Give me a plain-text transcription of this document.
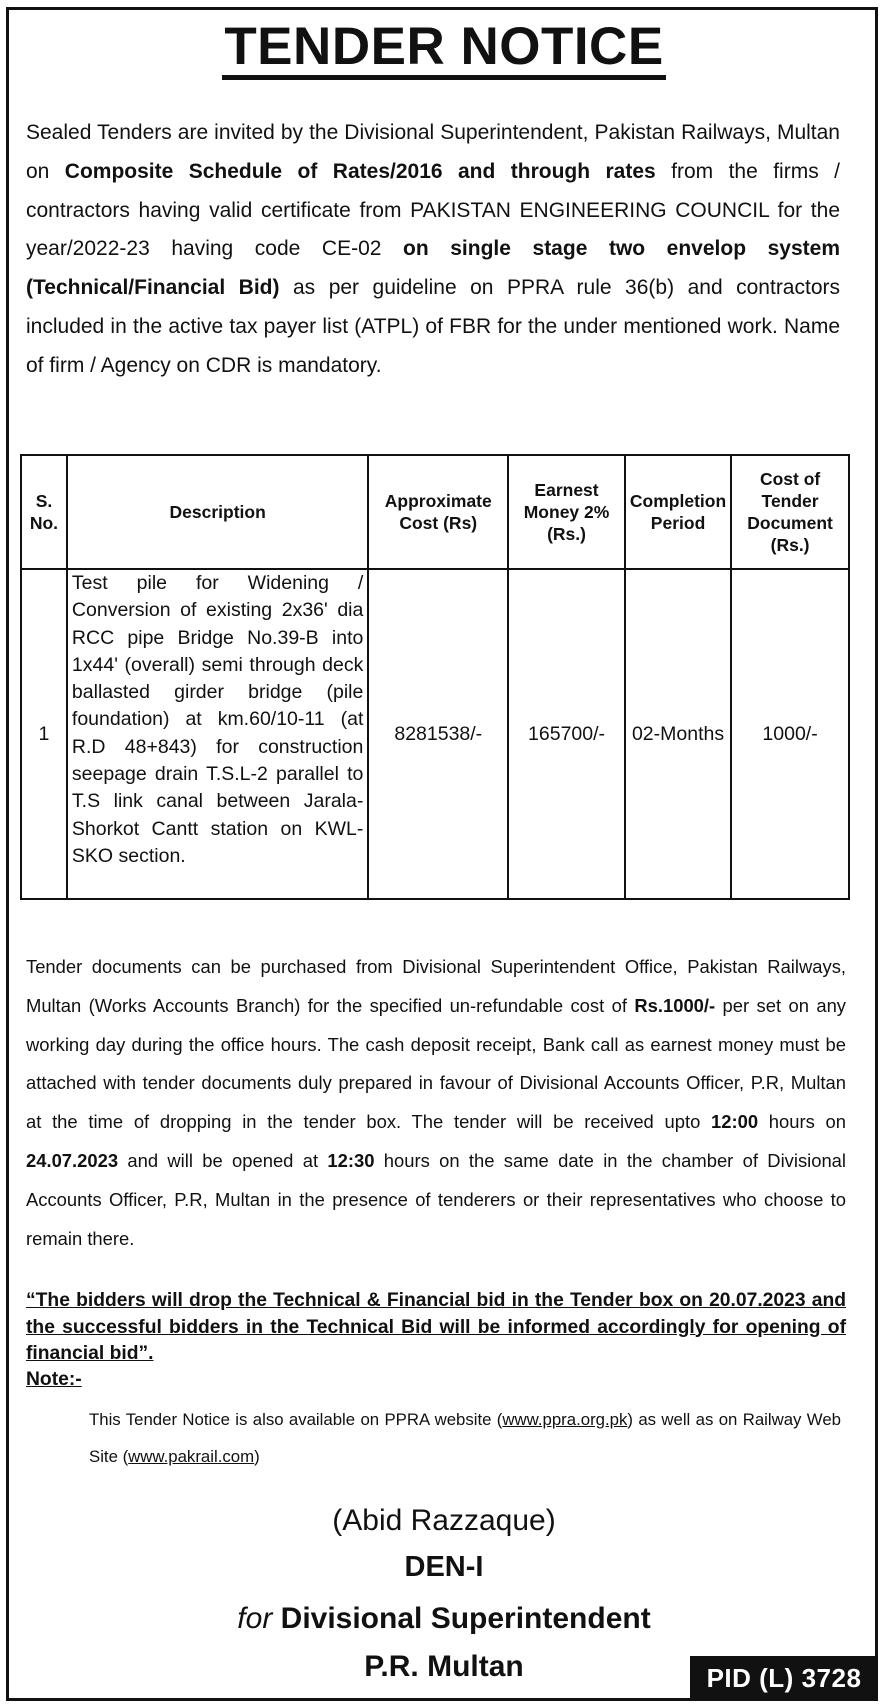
TENDER NOTICE

Sealed Tenders are invited by the Divisional Superintendent, Pakistan Railways, Multan on Composite Schedule of Rates/2016 and through rates from the firms / contractors having valid certificate from PAKISTAN ENGINEERING COUNCIL for the year/2022-23 having code CE-02 on single stage two envelop system (Technical/Financial Bid) as per guideline on PPRA rule 36(b) and contractors included in the active tax payer list (ATPL) of FBR for the under mentioned work. Name of firm / Agency on CDR is mandatory.

S. No.	Description	Approximate Cost (Rs)	Earnest Money 2% (Rs.)	Completion Period	Cost of Tender Document (Rs.)
1	Test pile for Widening / Conversion of existing 2x36' dia RCC pipe Bridge No.39-B into 1x44' (overall) semi through deck ballasted girder bridge (pile foundation) at km.60/10-11 (at R.D 48+843) for construction seepage drain T.S.L-2 parallel to T.S link canal between Jarala-Shorkot Cantt station on KWL-SKO section.	8281538/-	165700/-	02-Months	1000/-

Tender documents can be purchased from Divisional Superintendent Office, Pakistan Railways, Multan (Works Accounts Branch) for the specified un-refundable cost of Rs.1000/- per set on any working day during the office hours. The cash deposit receipt, Bank call as earnest money must be attached with tender documents duly prepared in favour of Divisional Accounts Officer, P.R, Multan at the time of dropping in the tender box. The tender will be received upto 12:00 hours on 24.07.2023 and will be opened at 12:30 hours on the same date in the chamber of Divisional Accounts Officer, P.R, Multan in the presence of tenderers or their representatives who choose to remain there.

“The bidders will drop the Technical & Financial bid in the Tender box on 20.07.2023 and the successful bidders in the Technical Bid will be informed accordingly for opening of financial bid”.

Note:-

This Tender Notice is also available on PPRA website (www.ppra.org.pk) as well as on Railway Web Site (www.pakrail.com)

(Abid Razzaque)

DEN-I

for Divisional Superintendent

P.R. Multan	PID (L) 3728
